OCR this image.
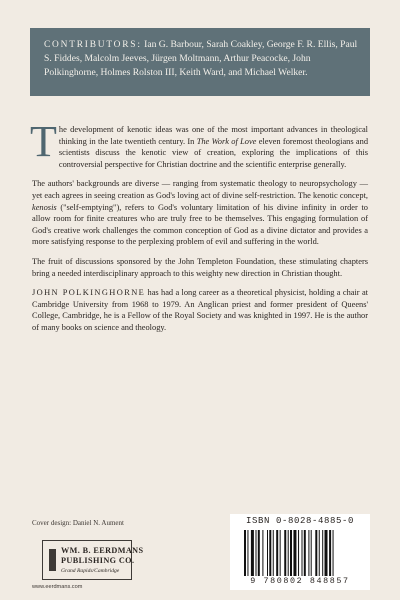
CONTRIBUTORS: Ian G. Barbour, Sarah Coakley, George F. R. Ellis, Paul S. Fiddes, Malcolm Jeeves, Jürgen Moltmann, Arthur Peacocke, John Polkinghorne, Holmes Rolston III, Keith Ward, and Michael Welker.

The development of kenotic ideas was one of the most important advances in theological thinking in the late twentieth century. In The Work of Love eleven foremost theologians and scientists discuss the kenotic view of creation, exploring the implications of this controversial perspective for Christian doctrine and the scientific enterprise generally.

The authors' backgrounds are diverse — ranging from systematic theology to neuropsychology — yet each agrees in seeing creation as God's loving act of divine self-restriction. The kenotic concept, kenosis ("self-emptying"), refers to God's voluntary limitation of his divine infinity in order to allow room for finite creatures who are truly free to be themselves. This engaging formulation of God's creative work challenges the common conception of God as a divine dictator and provides a more satisfying response to the perplexing problem of evil and suffering in the world.

The fruit of discussions sponsored by the John Templeton Foundation, these stimulating chapters bring a needed interdisciplinary approach to this weighty new direction in Christian thought.

JOHN POLKINGHORNE has had a long career as a theoretical physicist, holding a chair at Cambridge University from 1968 to 1979. An Anglican priest and former president of Queens' College, Cambridge, he is a Fellow of the Royal Society and was knighted in 1997. He is the author of many books on science and theology.

Cover design: Daniel N. Aument
WM. B. EERDMANS
PUBLISHING CO.
Grand Rapids/Cambridge
www.eerdmans.com
ISBN 0-8028-4885-0
9 780802 848857
